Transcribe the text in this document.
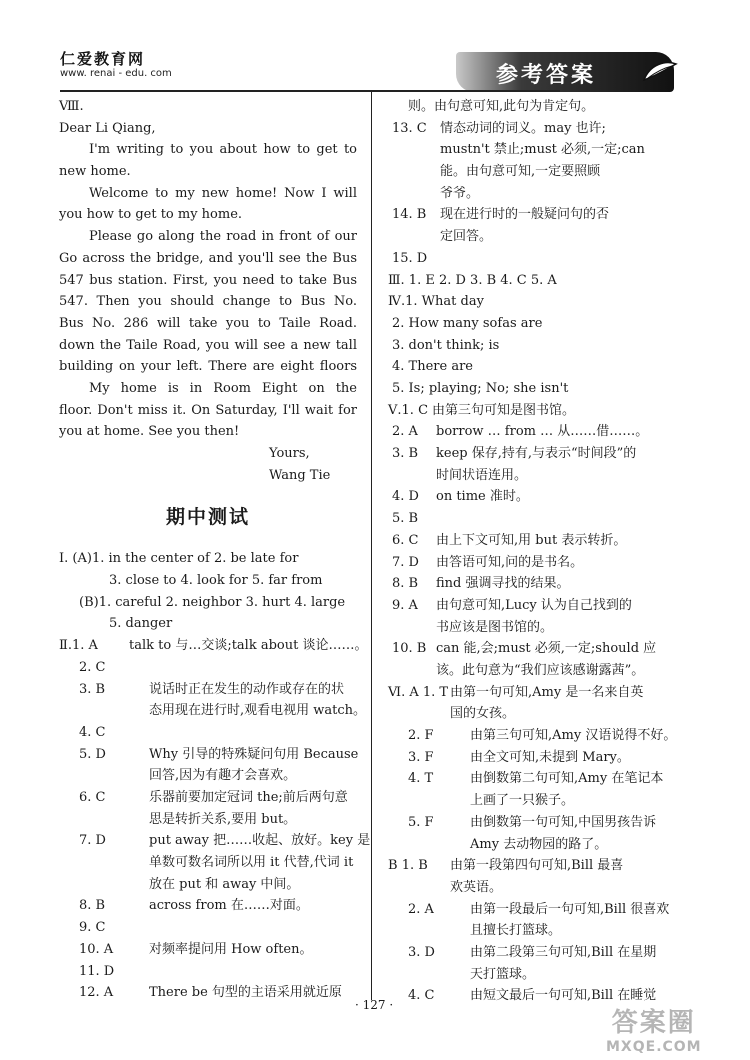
仁爱教育网
www. renai - edu. com	参考答案
Ⅷ.
Dear Li Qiang,
I'm writing to you about how to get to
new home.
Welcome to my new home! Now I will
you how to get to my home.
Please go along the road in front of our
Go across the bridge, and you'll see the Bus
547 bus station. First, you need to take Bus
547. Then you should change to Bus No.
Bus No. 286 will take you to Taile Road.
down the Taile Road, you will see a new tall
building on your left. There are eight floors
My home is in Room Eight on the
floor. Don't miss it. On Saturday, I'll wait for
you at home. See you then!
Yours,
Wang Tie
期中测试
Ⅰ. (A)1. in the center of 2. be late for
3. close to 4. look for 5. far from
(B)1. careful 2. neighbor 3. hurt 4. large
5. danger
Ⅱ.1. A	talk to 与…交谈;talk about 谈论……。
2. C
3. B	说话时正在发生的动作或存在的状
态用现在进行时,观看电视用 watch。
4. C
5. D	Why 引导的特殊疑问句用 Because
回答,因为有趣才会喜欢。
6. C	乐器前要加定冠词 the;前后两句意
思是转折关系,要用 but。
7. D	put away 把……收起、放好。key 是
单数可数名词所以用 it 代替,代词 it
放在 put 和 away 中间。
8. B	across from 在……对面。
9. C
10. A	对频率提问用 How often。
11. D
12. A	There be 句型的主语采用就近原
则。由句意可知,此句为肯定句。
13. C	情态动词的词义。may 也许;
mustn't 禁止;must 必须,一定;can
能。由句意可知,一定要照顾
爷爷。
14. B	现在进行时的一般疑问句的否
定回答。
15. D
Ⅲ. 1. E 2. D 3. B 4. C 5. A
Ⅳ.1. What day
2. How many sofas are
3. don't think; is
4. There are
5. Is; playing; No; she isn't
Ⅴ.1. C 由第三句可知是图书馆。
2. A	borrow … from … 从……借……。
3. B	keep 保存,持有,与表示“时间段”的
时间状语连用。
4. D	on time 准时。
5. B
6. C	由上下文可知,用 but 表示转折。
7. D	由答语可知,问的是书名。
8. B	find 强调寻找的结果。
9. A	由句意可知,Lucy 认为自己找到的
书应该是图书馆的。
10. B can 能,会;must 必须,一定;should 应
该。此句意为“我们应该感谢露茜”。
Ⅵ. A 1. T 由第一句可知,Amy 是一名来自英
国的女孩。
2. F	由第三句可知,Amy 汉语说得不好。
3. F	由全文可知,未提到 Mary。
4. T	由倒数第二句可知,Amy 在笔记本
上画了一只猴子。
5. F	由倒数第一句可知,中国男孩告诉
Amy 去动物园的路了。
B 1. B	由第一段第四句可知,Bill 最喜
欢英语。
2. A	由第一段最后一句可知,Bill 很喜欢
且擅长打篮球。
3. D	由第二段第三句可知,Bill 在星期
天打篮球。
4. C	由短文最后一句可知,Bill 在睡觉
· 127 ·
答案圈
MXQE.COM
